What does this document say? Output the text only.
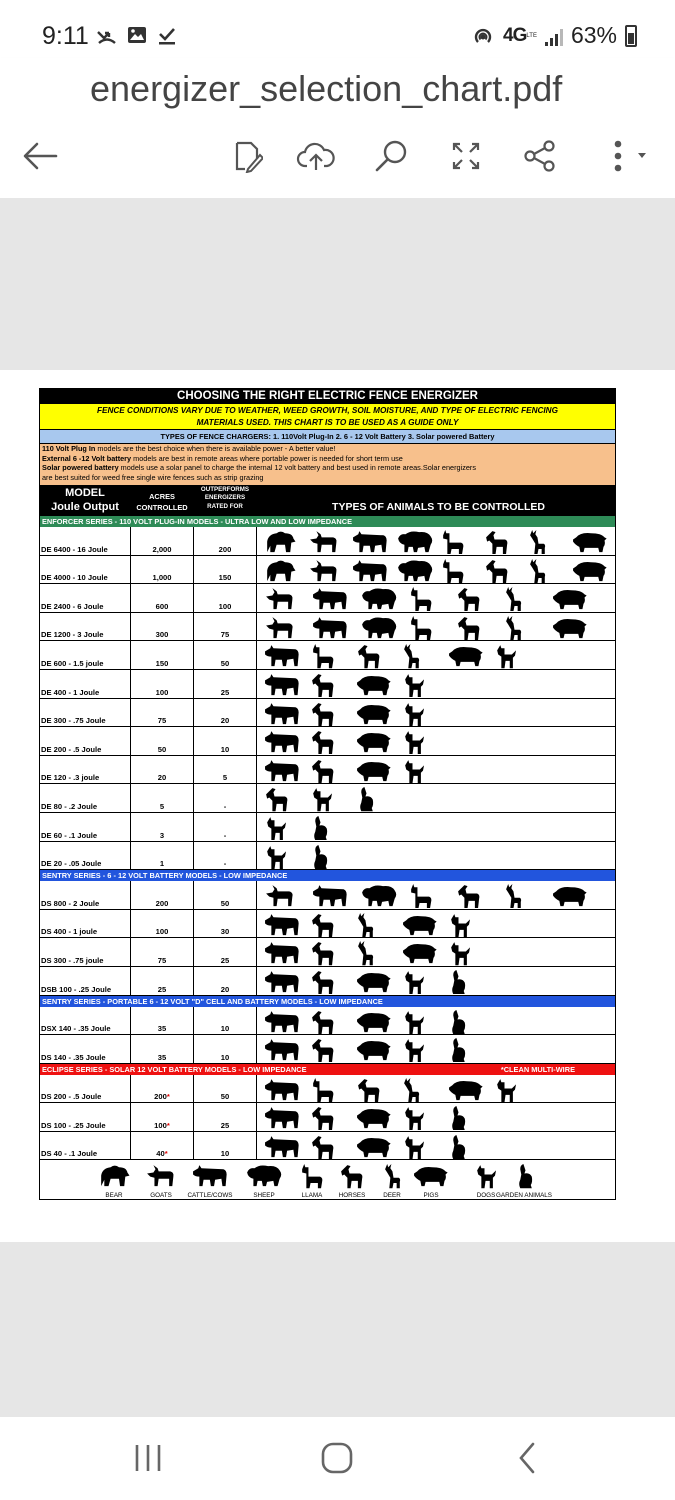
9:11	4G LTE 63%
energizer_selection_chart.pdf
CHOOSING THE RIGHT ELECTRIC FENCE ENERGIZER
FENCE CONDITIONS VARY DUE TO WEATHER, WEED GROWTH, SOIL MOISTURE, AND TYPE OF ELECTRIC FENCING
MATERIALS USED. THIS CHART IS TO BE USED AS A GUIDE ONLY
TYPES OF FENCE CHARGERS: 1. 110Volt Plug-In 2. 6 - 12 Volt Battery 3. Solar powered Battery
110 Volt Plug In models are the best choice when there is available power - A better value!
External 6 -12 Volt battery models are best in remote areas where portable power is needed for short term use
Solar powered battery models use a solar panel to charge the internal 12 volt battery and best used in remote areas.Solar energizers
are best suited for weed free single wire fences such as strip grazing
MODEL
Joule Output
ACRES
CONTROLLED
OUTPERFORMS
ENERGIZERS
RATED FOR	TYPES OF ANIMALS TO BE CONTROLLED
ENFORCER SERIES - 110 VOLT PLUG-IN MODELS - ULTRA LOW AND LOW IMPEDANCE
DE 6400 - 16 Joule	2,000	200
DE 4000 - 10 Joule	1,000	150
DE 2400 - 6 Joule	600	100
DE 1200 - 3 Joule	300	75
DE 600 - 1.5 joule	150	50
DE 400 - 1 Joule	100	25
DE 300 - .75 Joule	75	20
DE 200 - .5 Joule	50	10
DE 120 - .3 joule	20	5
DE 80 - .2 Joule	5	-
DE 60 - .1 Joule	3	-
DE 20 - .05 Joule	1	-
SENTRY SERIES - 6 - 12 VOLT BATTERY MODELS - LOW IMPEDANCE
DS 800 - 2 Joule	200	50
DS 400 - 1 joule	100	30
DS 300 - .75 joule	75	25
DSB 100 - .25 Joule	25	20
SENTRY SERIES - PORTABLE 6 - 12 VOLT "D" CELL AND BATTERY MODELS - LOW IMPEDANCE
DSX 140 - .35 Joule	35	10
DS 140 - .35 Joule	35	10
ECLIPSE SERIES - SOLAR 12 VOLT BATTERY MODELS - LOW IMPEDANCE	*CLEAN MULTI-WIRE
DS 200 - .5 Joule	200*	50
DS 100 - .25 Joule	100*	25
DS 40 - .1 Joule	40*	10
BEAR	GOATS CATTLE/COWS	SHEEP	LLAMA	HORSES	DEER	PIGS	DOGS GARDEN ANIMALS
